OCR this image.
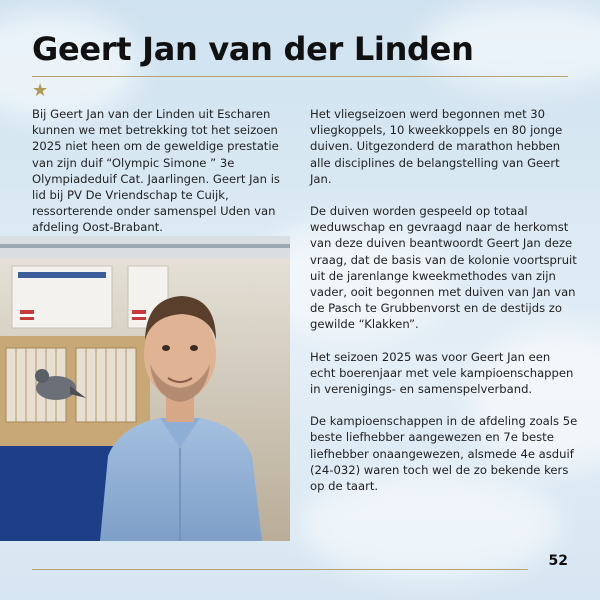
Geert Jan van der Linden
★

Bij Geert Jan van der Linden uit Escharen kunnen we met betrekking tot het seizoen 2025 niet heen om de geweldige prestatie van zijn duif “Olympic Simone ” 3e Olympiadeduif Cat. Jaarlingen. Geert Jan is lid bij PV De Vriendschap te Cuijk, ressorterende onder samenspel Uden van afdeling Oost-Brabant.

Het vliegseizoen werd begonnen met 30 vliegkoppels, 10 kweekkoppels en 80 jonge duiven. Uitgezonderd de marathon hebben alle disciplines de belangstelling van Geert Jan.

De duiven worden gespeeld op totaal weduwschap en gevraagd naar de herkomst van deze duiven beantwoordt Geert Jan deze vraag, dat de basis van de kolonie voortspruit uit de jarenlange kweekmethodes van zijn vader, ooit begonnen met duiven van Jan van de Pasch te Grubbenvorst en de destijds zo gewilde “Klakken”.

Het seizoen 2025 was voor Geert Jan een echt boerenjaar met vele kampioenschappen in verenigings- en samenspelverband.

De kampioenschappen in de afdeling zoals 5e beste liefhebber aangewezen en 7e beste liefhebber onaangewezen, alsmede 4e asduif (24-032) waren toch wel de zo bekende kers op de taart.

52
